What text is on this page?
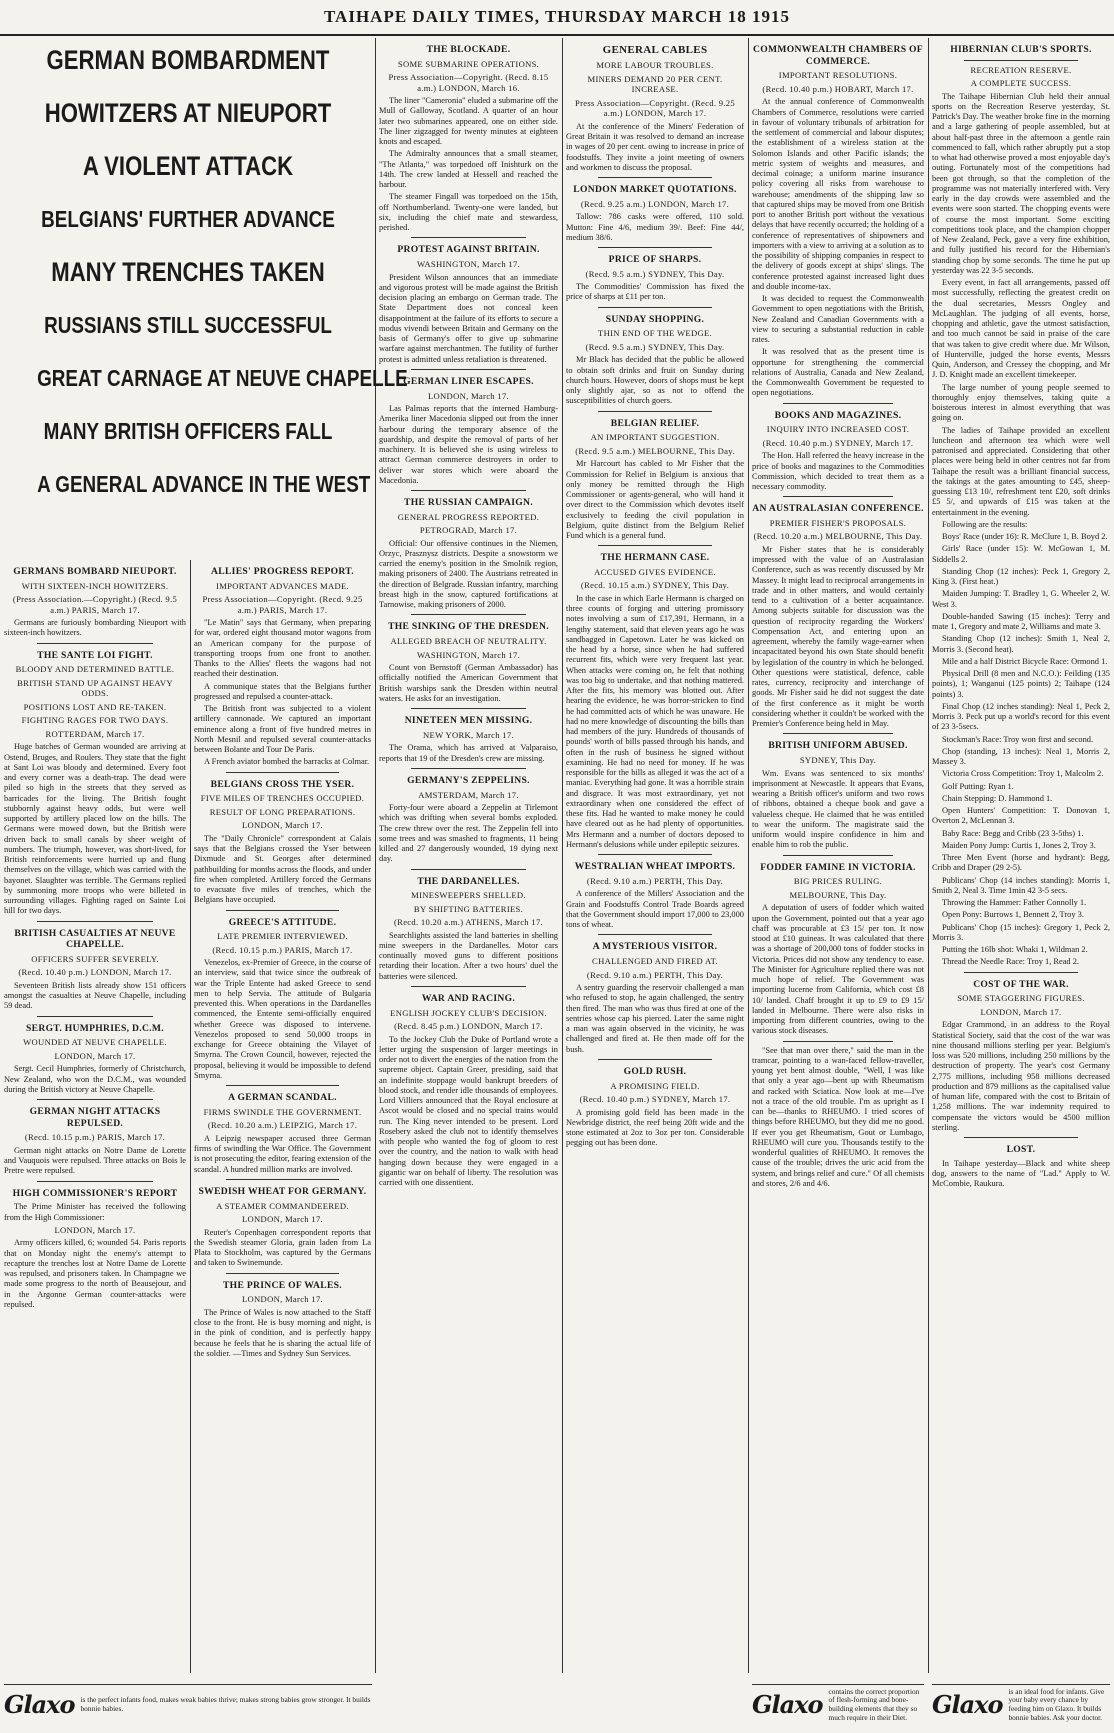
TAIHAPE DAILY TIMES, THURSDAY MARCH 18 1915
GERMAN BOMBARDMENT
HOWITZERS AT NIEUPORT
A VIOLENT ATTACK
BELGIANS' FURTHER ADVANCE
MANY TRENCHES TAKEN
RUSSIANS STILL SUCCESSFUL
GREAT CARNAGE AT NEUVE CHAPELLE
MANY BRITISH OFFICERS FALL
A GENERAL ADVANCE IN THE WEST
GERMANS BOMBARD NIEUPORT.
WITH SIXTEEN-INCH HOWITZERS.
(Press Association.—Copyright.) (Recd. 9.5 a.m.) PARIS, March 17.

Germans are furiously bombarding Nieuport with sixteen-inch howitzers.

THE SANTE LOI FIGHT.
BLOODY AND DETERMINED BATTLE.
BRITISH STAND UP AGAINST HEAVY ODDS.
POSITIONS LOST AND RE-TAKEN.
FIGHTING RAGES FOR TWO DAYS.
ROTTERDAM, March 17.

Huge batches of German wounded are arriving at Ostend, Bruges, and Roulers. They state that the fight at Sant Loi was bloody and determined. Every foot and every corner was a death-trap. The dead were piled so high in the streets that they served as barricades for the living. The British fought stubbornly against heavy odds, but were well supported by artillery placed low on the hills. The Germans were mowed down, but the British were driven back to small canals by sheer weight of numbers. The triumph, however, was short-lived, for British reinforcements were hurried up and flung themselves on the village, which was carried with the bayonet. Slaughter was terrible. The Germans replied by summoning more troops who were billeted in surrounding villages. Fighting raged on Sainte Loi hill for two days.

BRITISH CASUALTIES AT NEUVE CHAPELLE.
OFFICERS SUFFER SEVERELY.
(Recd. 10.40 p.m.) LONDON, March 17.

Seventeen British lists already show 151 officers amongst the casualties at Neuve Chapelle, including 59 dead.

SERGT. HUMPHRIES, D.C.M.
WOUNDED AT NEUVE CHAPELLE.
LONDON, March 17.

Sergt. Cecil Humphries, formerly of Christchurch, New Zealand, who won the D.C.M., was wounded during the British victory at Neuve Chapelle.

GERMAN NIGHT ATTACKS REPULSED.
(Recd. 10.15 p.m.) PARIS, March 17.

German night attacks on Notre Dame de Lorette and Vauquois were repulsed. Three attacks on Bois le Pretre were repulsed.

HIGH COMMISSIONER'S REPORT

The Prime Minister has received the following from the High Commissioner:

LONDON, March 17.

Army officers killed, 6; wounded 54. Paris reports that on Monday night the enemy's attempt to recapture the trenches lost at Notre Dame de Lorette was repulsed, and prisoners taken. In Champagne we made some progress to the north of Beausejour, and in the Argonne German counter-attacks were repulsed.

ALLIES' PROGRESS REPORT.
IMPORTANT ADVANCES MADE.
Press Association—Copyright. (Recd. 9.25 a.m.) PARIS, March 17.

"Le Matin" says that Germany, when preparing for war, ordered eight thousand motor wagons from an American company for the purpose of transporting troops from one front to another. Thanks to the Allies' fleets the wagons had not reached their destination.

A communique states that the Belgians further progressed and repulsed a counter-attack.

The British front was subjected to a violent artillery cannonade. We captured an important eminence along a front of five hundred metres in North Mesnil and repulsed several counter-attacks between Bolante and Tour De Paris.

A French aviator bombed the barracks at Colmar.

BELGIANS CROSS THE YSER.
FIVE MILES OF TRENCHES OCCUPIED.
RESULT OF LONG PREPARATIONS.
LONDON, March 17.

The "Daily Chronicle" correspondent at Calais says that the Belgians crossed the Yser between Dixmude and St. Georges after determined pathbuilding for months across the floods, and under fire when completed. Artillery forced the Germans to evacuate five miles of trenches, which the Belgians have occupied.

GREECE'S ATTITUDE.
LATE PREMIER INTERVIEWED.
(Recd. 10.15 p.m.) PARIS, March 17.

Venezelos, ex-Premier of Greece, in the course of an interview, said that twice since the outbreak of war the Triple Entente had asked Greece to send men to help Servia. The attitude of Bulgaria prevented this. When operations in the Dardanelles commenced, the Entente semi-officially enquired whether Greece was disposed to intervene. Venezelos proposed to send 50,000 troops in exchange for Greece obtaining the Vilayet of Smyrna. The Crown Council, however, rejected the proposal, believing it would be impossible to defend Smyrna.

A GERMAN SCANDAL.
FIRMS SWINDLE THE GOVERNMENT.
(Recd. 10.20 a.m.) LEIPZIG, March 17.

A Leipzig newspaper accused three German firms of swindling the War Office. The Government is not prosecuting the editor, fearing extension of the scandal. A hundred million marks are involved.

SWEDISH WHEAT FOR GERMANY.
A STEAMER COMMANDEERED.
LONDON, March 17.

Reuter's Copenhagen correspondent reports that the Swedish steamer Gloria, grain laden from La Plata to Stockholm, was captured by the Germans and taken to Swinemunde.

THE PRINCE OF WALES.
LONDON, March 17.

The Prince of Wales is now attached to the Staff close to the front. He is busy morning and night, is in the pink of condition, and is perfectly happy because he feels that he is sharing the actual life of the soldier. —Times and Sydney Sun Services.

THE BLOCKADE.
SOME SUBMARINE OPERATIONS.
Press Association—Copyright. (Recd. 8.15 a.m.) LONDON, March 16.

The liner "Cameronia" eluded a submarine off the Mull of Galloway, Scotland. A quarter of an hour later two submarines appeared, one on either side. The liner zigzagged for twenty minutes at eighteen knots and escaped.

The Admiralty announces that a small steamer, "The Atlanta," was torpedoed off Inishturk on the 14th. The crew landed at Hessell and reached the harbour.

The steamer Fingall was torpedoed on the 15th, off Northumberland. Twenty-one were landed, but six, including the chief mate and stewardess, perished.

PROTEST AGAINST BRITAIN.
WASHINGTON, March 17.

President Wilson announces that an immediate and vigorous protest will be made against the British decision placing an embargo on German trade. The State Department does not conceal keen disappointment at the failure of its efforts to secure a modus vivendi between Britain and Germany on the basis of Germany's offer to give up submarine warfare against merchantmen. The futility of further protest is admitted unless retaliation is threatened.

GERMAN LINER ESCAPES.
LONDON, March 17.

Las Palmas reports that the interned Hamburg-Amerika liner Macedonia slipped out from the inner harbour during the temporary absence of the guardship, and despite the removal of parts of her machinery. It is believed she is using wireless to attract German commerce destroyers in order to deliver war stores which were aboard the Macedonia.

THE RUSSIAN CAMPAIGN.
GENERAL PROGRESS REPORTED.
PETROGRAD, March 17.

Official: Our offensive continues in the Niemen, Orzyc, Prasznysz districts. Despite a snowstorm we carried the enemy's position in the Smolnik region, making prisoners of 2400. The Austrians retreated in the direction of Belgrade. Russian infantry, marching breast high in the snow, captured fortifications at Tarnowise, making prisoners of 2000.

THE SINKING OF THE DRESDEN.
ALLEGED BREACH OF NEUTRALITY.
WASHINGTON, March 17.

Count von Bernstoff (German Ambassador) has officially notified the American Government that British warships sank the Dresden within neutral waters. He asks for an investigation.

NINETEEN MEN MISSING.
NEW YORK, March 17.

The Orama, which has arrived at Valparaiso, reports that 19 of the Dresden's crew are missing.

GERMANY'S ZEPPELINS.
AMSTERDAM, March 17.

Forty-four were aboard a Zeppelin at Tirlemont which was drifting when several bombs exploded. The crew threw over the rest. The Zeppelin fell into some trees and was smashed to fragments, 11 being killed and 27 dangerously wounded, 19 dying next day.

THE DARDANELLES.
MINESWEEPERS SHELLED.
BY SHIFTING BATTERIES.
(Recd. 10.20 a.m.) ATHENS, March 17.

Searchlights assisted the land batteries in shelling mine sweepers in the Dardanelles. Motor cars continually moved guns to different positions retarding their location. After a two hours' duel the batteries were silenced.

WAR AND RACING.
ENGLISH JOCKEY CLUB'S DECISION.
(Recd. 8.45 p.m.) LONDON, March 17.

To the Jockey Club the Duke of Portland wrote a letter urging the suspension of larger meetings in order not to divert the energies of the nation from the supreme object. Captain Greer, presiding, said that an indefinite stoppage would bankrupt breeders of blood stock, and render idle thousands of employees. Lord Villiers announced that the Royal enclosure at Ascot would be closed and no special trains would run. The King never intended to be present. Lord Rosebery asked the club not to identify themselves with people who wanted the fog of gloom to rest over the country, and the nation to walk with head hanging down because they were engaged in a gigantic war on behalf of liberty. The resolution was carried with one dissentient.

GENERAL CABLES
MORE LABOUR TROUBLES.
MINERS DEMAND 20 PER CENT. INCREASE.
Press Association—Copyright. (Recd. 9.25 a.m.) LONDON, March 17.

At the conference of the Miners' Federation of Great Britain it was resolved to demand an increase in wages of 20 per cent. owing to increase in price of foodstuffs. They invite a joint meeting of owners and workmen to discuss the proposal.

LONDON MARKET QUOTATIONS.
(Recd. 9.25 a.m.) LONDON, March 17.

Tallow: 786 casks were offered, 110 sold. Mutton: Fine 4/6, medium 39/. Beef: Fine 44/, medium 38/6.

PRICE OF SHARPS.
(Recd. 9.5 a.m.) SYDNEY, This Day.

The Commodities' Commission has fixed the price of sharps at £11 per ton.

SUNDAY SHOPPING.
THIN END OF THE WEDGE.
(Recd. 9.5 a.m.) SYDNEY, This Day.

Mr Black has decided that the public be allowed to obtain soft drinks and fruit on Sunday during church hours. However, doors of shops must be kept only slightly ajar, so as not to offend the susceptibilities of church goers.

BELGIAN RELIEF.
AN IMPORTANT SUGGESTION.
(Recd. 9.5 a.m.) MELBOURNE, This Day.

Mr Harcourt has cabled to Mr Fisher that the Commission for Relief in Belgium is anxious that only money be remitted through the High Commissioner or agents-general, who will hand it over direct to the Commission which devotes itself exclusively to feeding the civil population in Belgium, quite distinct from the Belgium Relief Fund which is a general fund.

THE HERMANN CASE.
ACCUSED GIVES EVIDENCE.
(Recd. 10.15 a.m.) SYDNEY, This Day.

In the case in which Earle Hermann is charged on three counts of forging and uttering promissory notes involving a sum of £17,391, Hermann, in a lengthy statement, said that eleven years ago he was sandbagged in Capetown. Later he was kicked on the head by a horse, since when he had suffered recurrent fits, which were very frequent last year. When attacks were coming on, he felt that nothing was too big to undertake, and that nothing mattered. After the fits, his memory was blotted out. After hearing the evidence, he was horror-stricken to find he had committed acts of which he was unaware. He had no mere knowledge of discounting the bills than had members of the jury. Hundreds of thousands of pounds' worth of bills passed through his hands, and often in the rush of business he signed without examining. He had no need for money. If he was responsible for the bills as alleged it was the act of a maniac. Everything had gone. It was a horrible strain and disgrace. It was most extraordinary, yet not extraordinary when one considered the effect of these fits. Had he wanted to make money he could have cleared out as he had plenty of opportunities. Mrs Hermann and a number of doctors deposed to Hermann's delusions while under epileptic seizures.

WESTRALIAN WHEAT IMPORTS.
(Recd. 9.10 a.m.) PERTH, This Day.

A conference of the Millers' Association and the Grain and Foodstuffs Control Trade Boards agreed that the Government should import 17,000 to 23,000 tons of wheat.

A MYSTERIOUS VISITOR.
CHALLENGED AND FIRED AT.
(Recd. 9.10 a.m.) PERTH, This Day.

A sentry guarding the reservoir challenged a man who refused to stop, he again challenged, the sentry then fired. The man who was thus fired at one of the sentries whose cap his pierced. Later the same night a man was again observed in the vicinity, he was challenged and fired at. He then made off for the bush.

GOLD RUSH.
A PROMISING FIELD.
(Recd. 10.40 p.m.) SYDNEY, March 17.

A promising gold field has been made in the Newbridge district, the reef being 20ft wide and the stone estimated at 2oz to 3oz per ton. Considerable pegging out has been done.

COMMONWEALTH CHAMBERS OF COMMERCE.
IMPORTANT RESOLUTIONS.
(Recd. 10.40 p.m.) HOBART, March 17.

At the annual conference of Commonwealth Chambers of Commerce, resolutions were carried in favour of voluntary tribunals of arbitration for the settlement of commercial and labour disputes; the establishment of a wireless station at the Solomon Islands and other Pacific islands; the metric system of weights and measures, and decimal coinage; a uniform marine insurance policy covering all risks from warehouse to warehouse; amendments of the shipping law so that captured ships may be moved from one British port to another British port without the vexatious delays that have recently occurred; the holding of a conference of representatives of shipowners and importers with a view to arriving at a solution as to the possibility of shipping companies in respect to the delivery of goods except at ships' slings. The conference protested against increased light dues and double income-tax.

It was decided to request the Commonwealth Government to open negotiations with the British, New Zealand and Canadian Governments with a view to securing a substantial reduction in cable rates.

It was resolved that as the present time is opportune for strengthening the commercial relations of Australia, Canada and New Zealand, the Commonwealth Government be requested to open negotiations.

BOOKS AND MAGAZINES.
INQUIRY INTO INCREASED COST.
(Recd. 10.40 p.m.) SYDNEY, March 17.

The Hon. Hall referred the heavy increase in the price of books and magazines to the Commodities Commission, which decided to treat them as a necessary commodity.

AN AUSTRALASIAN CONFERENCE.
PREMIER FISHER'S PROPOSALS.
(Recd. 10.20 a.m.) MELBOURNE, This Day.

Mr Fisher states that he is considerably impressed with the value of an Australasian Conference, such as was recently discussed by Mr Massey. It might lead to reciprocal arrangements in trade and in other matters, and would certainly tend to a cultivation of a better acquaintance. Among subjects suitable for discussion was the question of reciprocity regarding the Workers' Compensation Act, and entering upon an agreement, whereby the family wage-earner when incapacitated beyond his own State should benefit by legislation of the country in which he belonged. Other questions were statistical, defence, cable rates, currency, reciprocity and interchange of goods. Mr Fisher said he did not suggest the date of the first conference as it might be worth considering whether it couldn't be worked with the Premier's Conference being held in May.

BRITISH UNIFORM ABUSED.
SYDNEY, This Day.

Wm. Evans was sentenced to six months' imprisonment at Newcastle. It appears that Evans, wearing a British officer's uniform and two rows of ribbons, obtained a cheque book and gave a valueless cheque. He claimed that he was entitled to wear the uniform. The magistrate said the uniform would inspire confidence in him and enable him to rob the public.

FODDER FAMINE IN VICTORIA.
BIG PRICES RULING.
MELBOURNE, This Day.

A deputation of users of fodder which waited upon the Government, pointed out that a year ago chaff was procurable at £3 15/ per ton. It now stood at £10 guineas. It was calculated that there was a shortage of 200,000 tons of fodder stocks in Victoria. Prices did not show any tendency to ease. The Minister for Agriculture replied there was not much hope of relief. The Government was importing lucerne from California, which cost £8 10/ landed. Chaff brought it up to £9 to £9 15/ landed in Melbourne. There were also risks in importing from different countries, owing to the various stock diseases.

"See that man over there," said the man in the tramcar, pointing to a wan-faced fellow-traveller, young yet bent almost double, "Well, I was like that only a year ago—bent up with Rheumatism and racked with Sciatica. Now look at me—I've not a trace of the old trouble. I'm as upright as I can be—thanks to RHEUMO. I tried scores of things before RHEUMO, but they did me no good. If ever you get Rheumatism, Gout or Lumbago, RHEUMO will cure you. Thousands testify to the wonderful qualities of RHEUMO. It removes the cause of the trouble; drives the uric acid from the system, and brings relief and cure." Of all chemists and stores, 2/6 and 4/6.

HIBERNIAN CLUB'S SPORTS.
RECREATION RESERVE.
A COMPLETE SUCCESS.

The Taihape Hibernian Club held their annual sports on the Recreation Reserve yesterday, St. Patrick's Day. The weather broke fine in the morning and a large gathering of people assembled, but at about half-past three in the afternoon a gentle rain commenced to fall, which rather abruptly put a stop to what had otherwise proved a most enjoyable day's outing. Fortunately most of the competitions had been got through, so that the completion of the programme was not materially interfered with. Very early in the day crowds were assembled and the events were soon started. The chopping events were of course the most important. Some exciting competitions took place, and the champion chopper of New Zealand, Peck, gave a very fine exhibition, and fully justified his record for the Hibernian's standing chop by some seconds. The time he put up yesterday was 22 3-5 seconds.

Every event, in fact all arrangements, passed off most successfully, reflecting the greatest credit on the dual secretaries, Messrs Ongley and McLaughlan. The judging of all events, horse, chopping and athletic, gave the utmost satisfaction, and too much cannot be said in praise of the care that was taken to give credit where due. Mr Wilson, of Hunterville, judged the horse events, Messrs Quin, Anderson, and Cressey the chopping, and Mr J. D. Knight made an excellent timekeeper.

The large number of young people seemed to thoroughly enjoy themselves, taking quite a boisterous interest in almost everything that was going on.

The ladies of Taihape provided an excellent luncheon and afternoon tea which were well patronised and appreciated. Considering that other places were being held in other centres not far from Taihape the result was a brilliant financial success, the takings at the gates amounting to £45, sheep-guessing £13 10/, refreshment tent £20, soft drinks £5 5/, and upwards of £15 was taken at the entertainment in the evening.

Following are the results:

Boys' Race (under 16): R. McClure 1, B. Boyd 2.

Girls' Race (under 15): W. McGowan 1, M. Siddells 2.

Standing Chop (12 inches): Peck 1, Gregory 2, King 3. (First heat.)

Maiden Jumping: T. Bradley 1, G. Wheeler 2, W. West 3.

Double-handed Sawing (15 inches): Terry and mate 1, Gregory and mate 2, Williams and mate 3.

Standing Chop (12 inches): Smith 1, Neal 2, Morris 3. (Second heat).

Mile and a half District Bicycle Race: Ormond 1.

Physical Drill (8 men and N.C.O.): Feilding (135 points), 1; Wanganui (125 points) 2; Taihape (124 points) 3.

Final Chop (12 inches standing): Neal 1, Peck 2, Morris 3. Peck put up a world's record for this event of 23 3-5secs.

Stockman's Race: Troy won first and second.

Chop (standing, 13 inches): Neal 1, Morris 2, Massey 3.

Victoria Cross Competition: Troy 1, Malcolm 2.

Golf Putting: Ryan 1.

Chain Stepping: D. Hammond 1.

Open Hunters' Competition: T. Donovan 1, Overton 2, McLennan 3.

Baby Race: Begg and Cribb (23 3-5ths) 1.

Maiden Pony Jump: Curtis 1, Jones 2, Troy 3.

Three Men Event (horse and hydrant): Begg, Cribb and Draper (29 2-5).

Publicans' Chop (14 inches standing): Morris 1, Smith 2, Neal 3. Time 1min 42 3-5 secs.

Throwing the Hammer: Father Connolly 1.

Open Pony: Burrows 1, Bennett 2, Troy 3.

Publicans' Chop (15 inches): Gregory 1, Peck 2, Morris 3.

Putting the 16lb shot: Whaki 1, Wildman 2.

Thread the Needle Race: Troy 1, Read 2.

COST OF THE WAR.
SOME STAGGERING FIGURES.
LONDON, March 17.

Edgar Crammond, in an address to the Royal Statistical Society, said that the cost of the war was nine thousand millions sterling per year. Belgium's loss was 520 millions, including 250 millions by the destruction of property. The year's cost Germany 2,775 millions, including 958 millions decreased production and 879 millions as the capitalised value of human life, compared with the cost to Britain of 1,258 millions. The war indemnity required to compensate the victors would be 4500 million sterling.

LOST.

In Taihape yesterday—Black and white sheep dog, answers to the name of "Lad." Apply to W. McCombie, Raukura.

Glaxo is the perfect infants food, makes weak babies thrive; makes strong babies grow stronger. It builds bonnie babies.	Glaxo contains the correct proportion of flesh-forming and bone-building elements that they so much require in their Diet.	Glaxo is an ideal food for infants. Give your baby every chance by feeding him on Glaxo. It builds bonnie babies. Ask your doctor.
